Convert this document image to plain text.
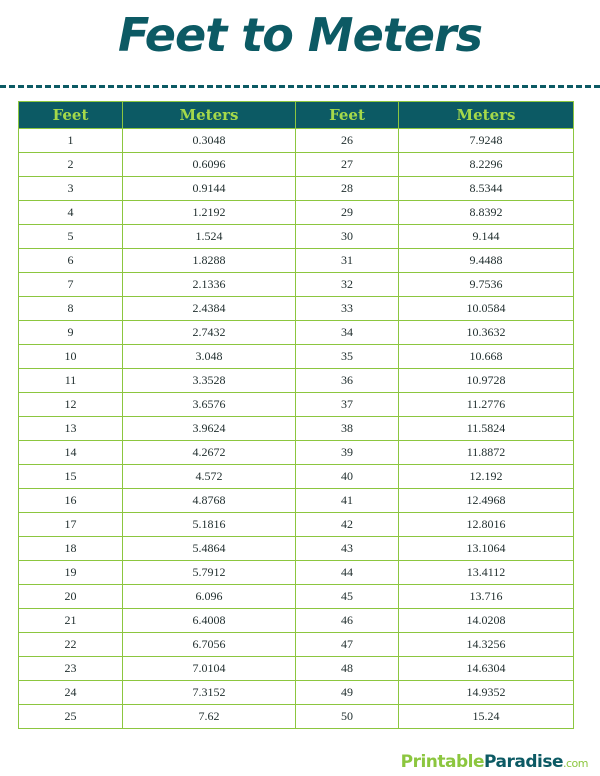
Feet to Meters
Feet	Meters	Feet	Meters
1	0.3048	26	7.9248
2	0.6096	27	8.2296
3	0.9144	28	8.5344
4	1.2192	29	8.8392
5	1.524	30	9.144
6	1.8288	31	9.4488
7	2.1336	32	9.7536
8	2.4384	33	10.0584
9	2.7432	34	10.3632
10	3.048	35	10.668
11	3.3528	36	10.9728
12	3.6576	37	11.2776
13	3.9624	38	11.5824
14	4.2672	39	11.8872
15	4.572	40	12.192
16	4.8768	41	12.4968
17	5.1816	42	12.8016
18	5.4864	43	13.1064
19	5.7912	44	13.4112
20	6.096	45	13.716
21	6.4008	46	14.0208
22	6.7056	47	14.3256
23	7.0104	48	14.6304
24	7.3152	49	14.9352
25	7.62	50	15.24
PrintableParadise.com
